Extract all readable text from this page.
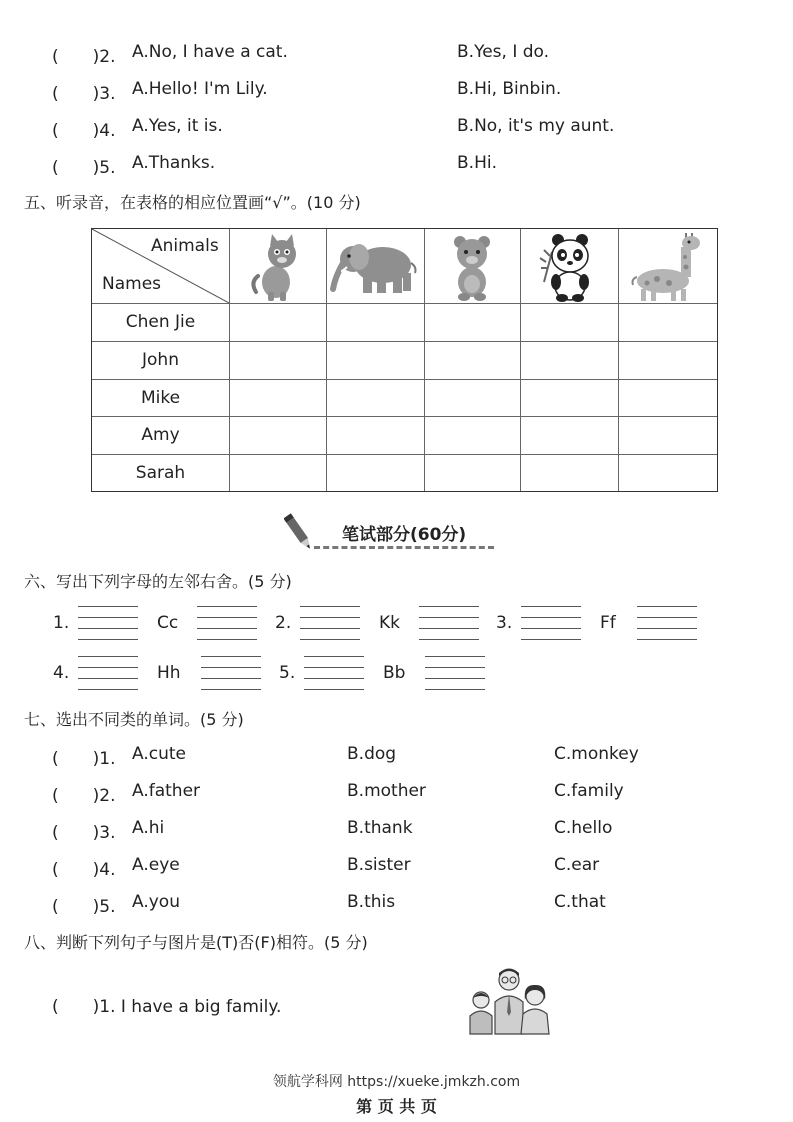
(　　)2. A.No, I have a cat.	B.Yes, I do.
(　　)3. A.Hello! I'm Lily.	B.Hi, Binbin.
(　　)4. A.Yes, it is.	B.No, it's my aunt.
(　　)5. A.Thanks.	B.Hi.
五、听录音，在表格的相应位置画“√”。(10 分)
Animals
Names
Chen Jie
John
Mike
Amy
Sarah
笔试部分(60分)
六、写出下列字母的左邻右舍。(5 分)
1.	Cc	2.	Kk	3.	Ff
4.	Hh	5.	Bb
七、选出不同类的单词。(5 分)
(　　)1. A.cute	B.dog	C.monkey
(　　)2. A.father	B.mother	C.family
(　　)3. A.hi	B.thank	C.hello
(　　)4. A.eye	B.sister	C.ear
(　　)5. A.you	B.this	C.that
八、判断下列句子与图片是(T)否(F)相符。(5 分)
(　　)1. I have a big family.
领航学科网 https://xueke.jmkzh.com
第 页 共 页
